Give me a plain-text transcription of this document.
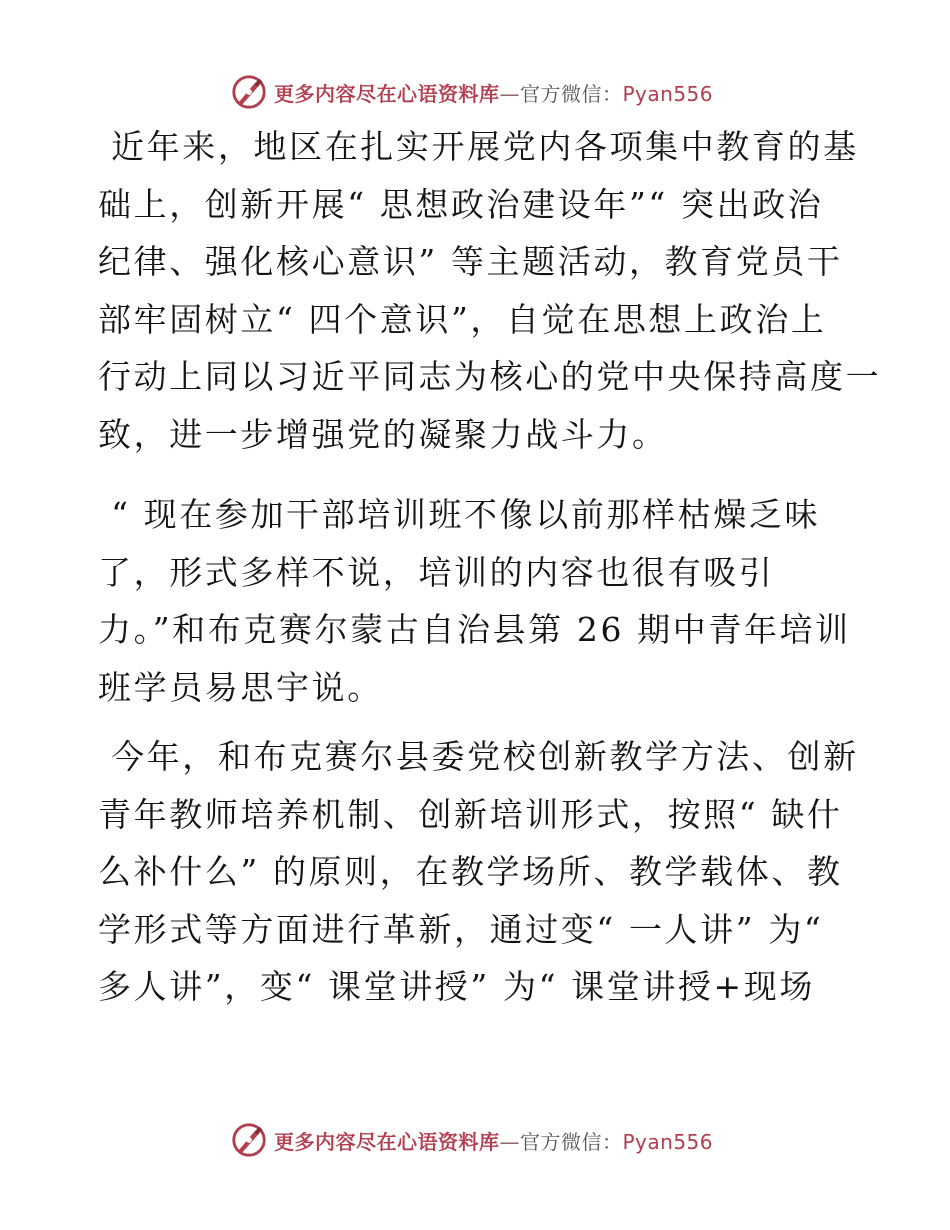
更多内容尽在心语资料库—官方微信：Pyan556
近年来，地区在扎实开展党内各项集中教育的基
础上，创新开展“ 思想政治建设年”“ 突出政治
纪律、强化核心意识” 等主题活动，教育党员干
部牢固树立“ 四个意识”，自觉在思想上政治上
行动上同以习近平同志为核心的党中央保持高度一
致，进一步增强党的凝聚力战斗力。
“ 现在参加干部培训班不像以前那样枯燥乏味
了，形式多样不说，培训的内容也很有吸引
力。”和布克赛尔蒙古自治县第 26 期中青年培训
班学员易思宇说。
今年，和布克赛尔县委党校创新教学方法、创新
青年教师培养机制、创新培训形式，按照“ 缺什
么补什么” 的原则，在教学场所、教学载体、教
学形式等方面进行革新，通过变“ 一人讲” 为“
多人讲”，变“ 课堂讲授” 为“ 课堂讲授+现场
更多内容尽在心语资料库—官方微信：Pyan556
